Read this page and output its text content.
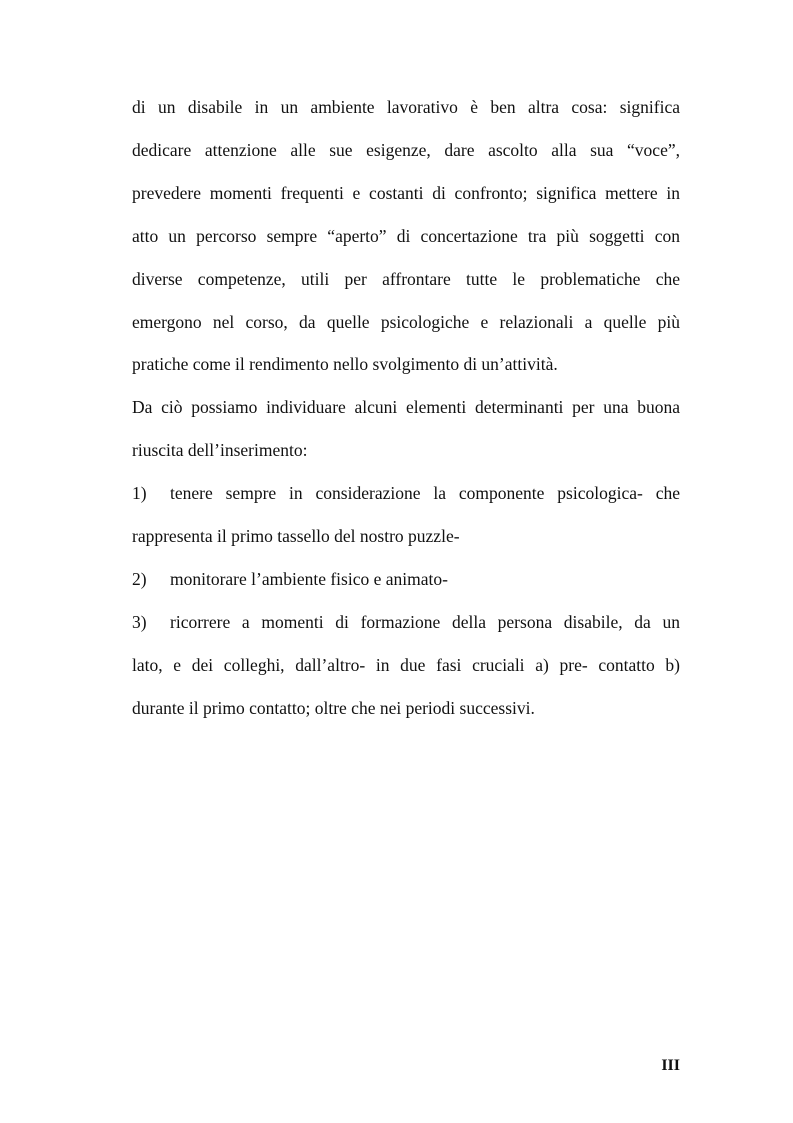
di un disabile in un ambiente lavorativo è ben altra cosa: significa
dedicare attenzione alle sue esigenze, dare ascolto alla sua “voce”,
prevedere momenti frequenti e costanti di confronto; significa mettere in
atto un percorso sempre “aperto” di concertazione tra più soggetti con
diverse competenze, utili per affrontare tutte le problematiche che
emergono nel corso, da quelle psicologiche e relazionali a quelle più
pratiche come il rendimento nello svolgimento di un’attività.
Da ciò possiamo individuare alcuni elementi determinanti per una buona
riuscita dell’inserimento:
1) tenere sempre in considerazione la componente psicologica- che
rappresenta il primo tassello del nostro puzzle-
2) monitorare l’ambiente fisico e animato-
3) ricorrere a momenti di formazione della persona disabile, da un
lato, e dei colleghi, dall’altro- in due fasi cruciali a) pre- contatto b)
durante il primo contatto; oltre che nei periodi successivi.
III
